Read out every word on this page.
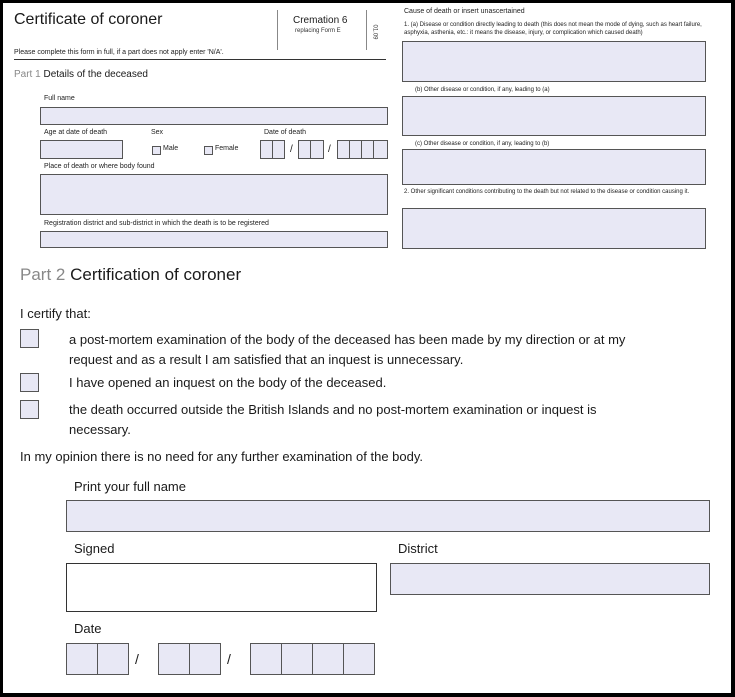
Certificate of coroner	Cremation 6
replacing Form E	01.09
Please complete this form in full, if a part does not apply enter 'N/A'.
Part 1 Details of the deceased
Full name
Age at date of death	Sex	Date of death
Male	Female	/	/
Place of death or where body found
Registration district and sub-district in which the death is to be registered
Cause of death or insert unascertained
1. (a) Disease or condition directly leading to death (this does not mean the mode of dying, such as heart failure, asphyxia, asthenia, etc.: it means the disease, injury, or complication which caused death)
(b) Other disease or condition, if any, leading to (a)
(c) Other disease or condition, if any, leading to (b)
2. Other significant conditions contributing to the death but not related to the disease or condition causing it.
Part 2 Certification of coroner
I certify that:
a post-mortem examination of the body of the deceased has been made by my direction or at my request and as a result I am satisfied that an inquest is unnecessary.
I have opened an inquest on the body of the deceased.
the death occurred outside the British Islands and no post-mortem examination or inquest is necessary.
In my opinion there is no need for any further examination of the body.
Print your full name
Signed	District
Date
/	/
